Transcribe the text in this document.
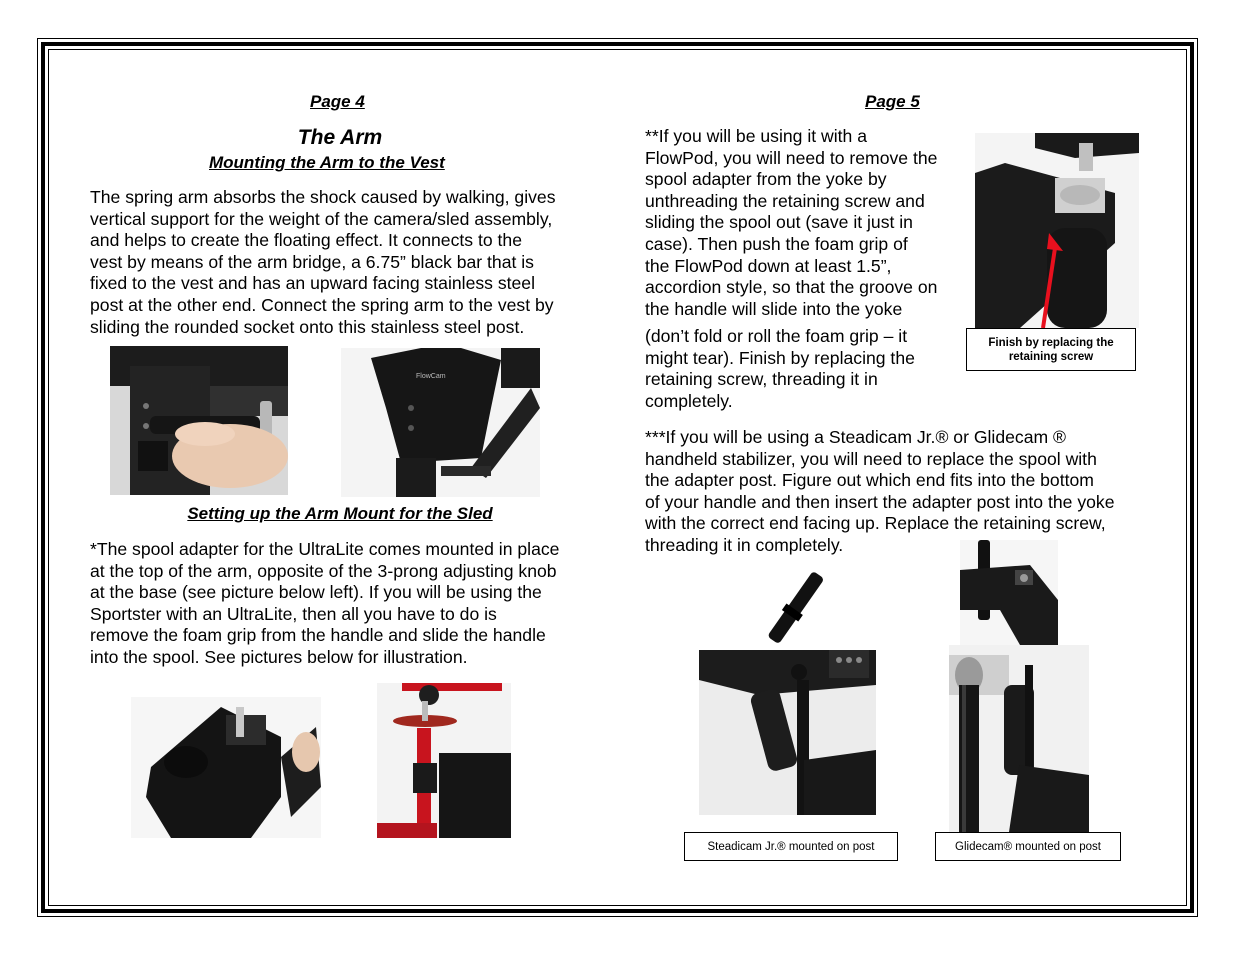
Page 4
The Arm
Mounting the Arm to the Vest
The spring arm absorbs the shock caused by walking, gives
vertical support for the weight of the camera/sled assembly,
and helps to create the floating effect. It connects to the
vest by means of the arm bridge, a 6.75” black bar that is
fixed to the vest and has an upward facing stainless steel
post at the other end. Connect the spring arm to the vest by
sliding the rounded socket onto this stainless steel post.
FlowCam
Setting up the Arm Mount for the Sled
*The spool adapter for the UltraLite comes mounted in place
at the top of the arm, opposite of the 3-prong adjusting knob
at the base (see picture below left). If you will be using the
Sportster with an UltraLite, then all you have to do is
remove the foam grip from the handle and slide the handle
into the spool. See pictures below for illustration.
Page 5
**If you will be using it with a
FlowPod, you will need to remove the
spool adapter from the yoke by
unthreading the retaining screw and
sliding the spool out (save it just in
case). Then push the foam grip of
the FlowPod down at least 1.5”,
accordion style, so that the groove on
the handle will slide into the yoke
(don’t fold or roll the foam grip – it
might tear). Finish by replacing the
retaining screw, threading it in
completely.
Finish by replacing the
retaining screw
***If you will be using a Steadicam Jr.® or Glidecam ®
handheld stabilizer, you will need to replace the spool with
the adapter post. Figure out which end fits into the bottom
of your handle and then insert the adapter post into the yoke
with the correct end facing up. Replace the retaining screw,
threading it in completely.
Steadicam Jr.® mounted on post	Glidecam® mounted on post
